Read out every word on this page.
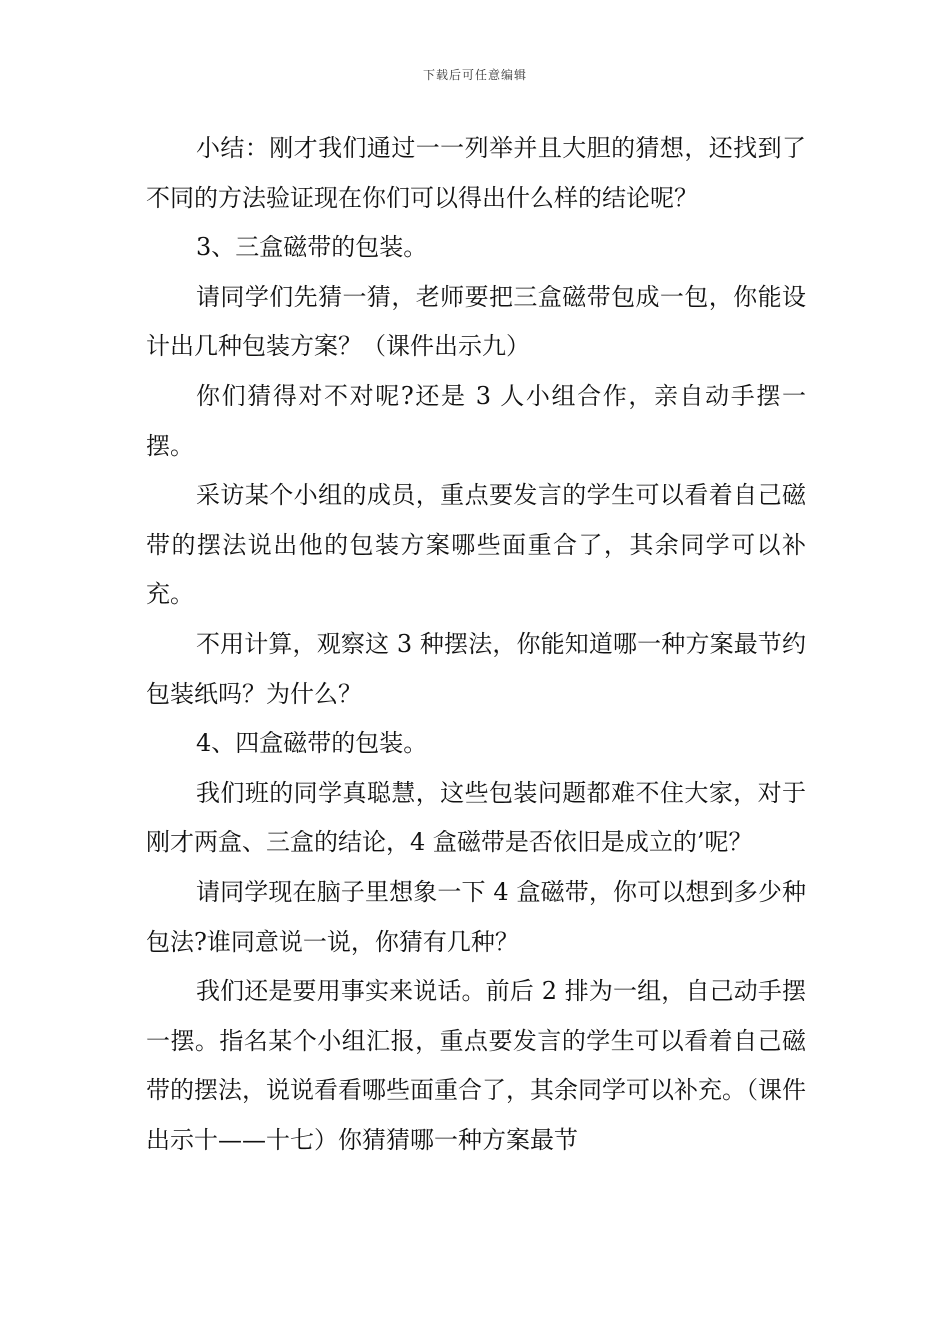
下载后可任意编辑

小结：刚才我们通过一一列举并且大胆的猜想，还找到了不同的方法验证现在你们可以得出什么样的结论呢？

3、三盒磁带的包装。

请同学们先猜一猜，老师要把三盒磁带包成一包，你能设计出几种包装方案？（课件出示九）

你们猜得对不对呢?还是 3 人小组合作，亲自动手摆一摆。

采访某个小组的成员，重点要发言的学生可以看着自己磁带的摆法说出他的包装方案哪些面重合了，其余同学可以补充。

不用计算，观察这 3 种摆法，你能知道哪一种方案最节约包装纸吗？为什么？

4、四盒磁带的包装。

我们班的同学真聪慧，这些包装问题都难不住大家，对于刚才两盒、三盒的结论，4 盒磁带是否依旧是成立的’呢？

请同学现在脑子里想象一下 4 盒磁带，你可以想到多少种包法?谁同意说一说，你猜有几种？

我们还是要用事实来说话。前后 2 排为一组，自己动手摆一摆。指名某个小组汇报，重点要发言的学生可以看着自己磁带的摆法，说说看看哪些面重合了，其余同学可以补充。（课件出示十——十七）你猜猜哪一种方案最节
